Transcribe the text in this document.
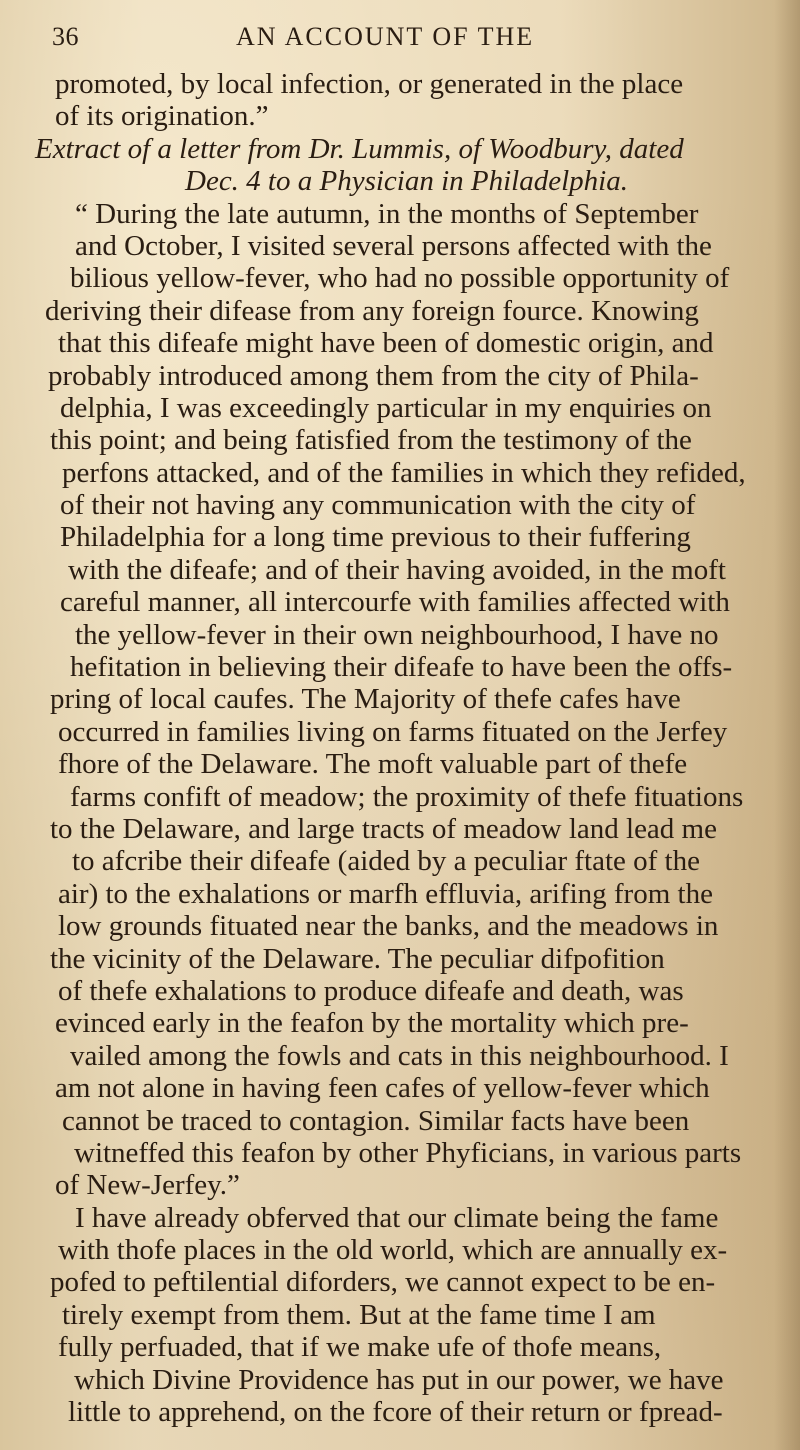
36	AN ACCOUNT OF THE
promoted, by local infection, or generated in the place
of its origination.”
Extract of a letter from Dr. Lummis, of Woodbury, dated
Dec. 4 to a Physician in Philadelphia.
“ During the late autumn, in the months of September
and October, I visited several persons affected with the
bilious yellow-fever, who had no possible opportunity of
deriving their difease from any foreign fource. Knowing
that this difeafe might have been of domestic origin, and
probably introduced among them from the city of Phila-
delphia, I was exceedingly particular in my enquiries on
this point; and being fatisfied from the testimony of the
perfons attacked, and of the families in which they refided,
of their not having any communication with the city of
Philadelphia for a long time previous to their fuffering
with the difeafe; and of their having avoided, in the moft
careful manner, all intercourfe with families affected with
the yellow-fever in their own neighbourhood, I have no
hefitation in believing their difeafe to have been the offs-
pring of local caufes. The Majority of thefe cafes have
occurred in families living on farms fituated on the Jerfey
fhore of the Delaware. The moft valuable part of thefe
farms confift of meadow; the proximity of thefe fituations
to the Delaware, and large tracts of meadow land lead me
to afcribe their difeafe (aided by a peculiar ftate of the
air) to the exhalations or marfh effluvia, arifing from the
low grounds fituated near the banks, and the meadows in
the vicinity of the Delaware. The peculiar difpofition
of thefe exhalations to produce difeafe and death, was
evinced early in the feafon by the mortality which pre-
vailed among the fowls and cats in this neighbourhood. I
am not alone in having feen cafes of yellow-fever which
cannot be traced to contagion. Similar facts have been
witneffed this feafon by other Phyficians, in various parts
of New-Jerfey.”
I have already obferved that our climate being the fame
with thofe places in the old world, which are annually ex-
pofed to peftilential diforders, we cannot expect to be en-
tirely exempt from them. But at the fame time I am
fully perfuaded, that if we make ufe of thofe means,
which Divine Providence has put in our power, we have
little to apprehend, on the fcore of their return or fpread-
